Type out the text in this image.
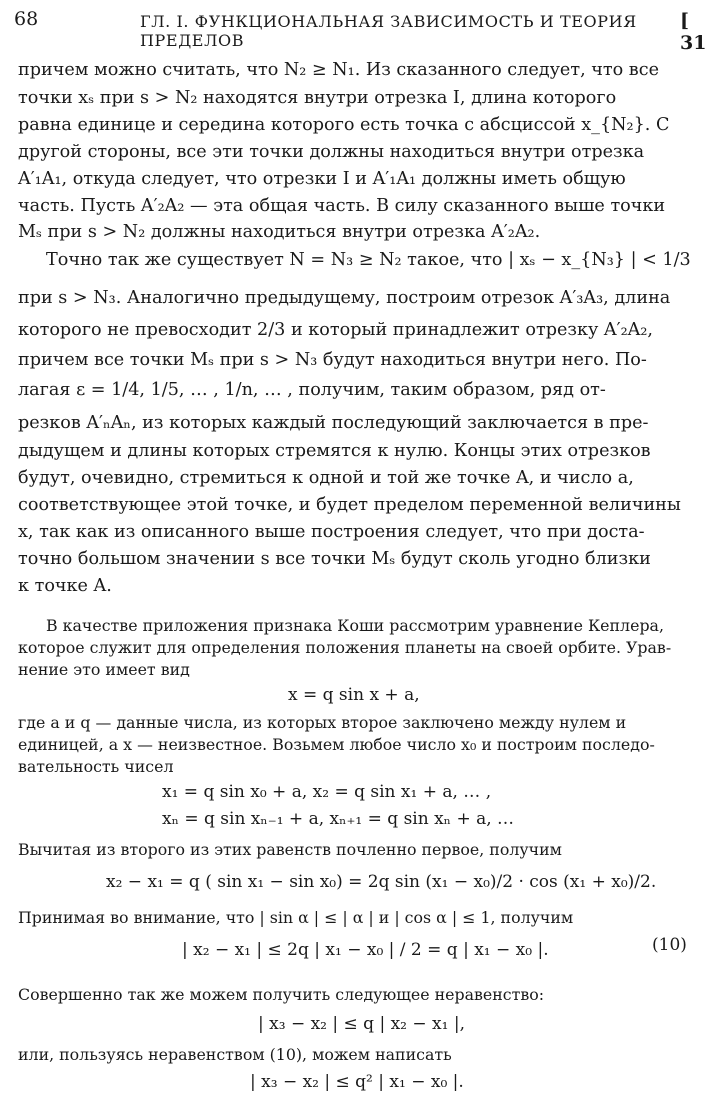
68	ГЛ. I. ФУНКЦИОНАЛЬНАЯ ЗАВИСИМОСТЬ И ТЕОРИЯ ПРЕДЕЛОВ
[ 31
причем можно считать, что N₂ ≥ N₁. Из сказанного следует, что все
точки xₛ при s > N₂ находятся внутри отрезка I, длина которого
равна единице и середина которого есть точка с абсциссой x_{N₂}. С
другой стороны, все эти точки должны находиться внутри отрезка
A′₁A₁, откуда следует, что отрезки I и A′₁A₁ должны иметь общую
часть. Пусть A′₂A₂ — эта общая часть. В силу сказанного выше точки
Mₛ при s > N₂ должны находиться внутри отрезка A′₂A₂.
Точно так же существует N = N₃ ≥ N₂ такое, что | xₛ − x_{N₃} | < 1/3
при s > N₃. Аналогично предыдущему, построим отрезок A′₃A₃, длина
которого не превосходит 2/3 и который принадлежит отрезку A′₂A₂,
причем все точки Mₛ при s > N₃ будут находиться внутри него. По-
лагая ε = 1/4, 1/5, … , 1/n, … , получим, таким образом, ряд от-
резков A′ₙAₙ, из которых каждый последующий заключается в пре-
дыдущем и длины которых стремятся к нулю. Концы этих отрезков
будут, очевидно, стремиться к одной и той же точке A, и число a,
соответствующее этой точке, и будет пределом переменной величины
x, так как из описанного выше построения следует, что при доста-
точно большом значении s все точки Mₛ будут сколь угодно близки
к точке A.
В качестве приложения признака Коши рассмотрим уравнение Кеплера,
которое служит для определения положения планеты на своей орбите. Урав-
нение это имеет вид
x = q sin x + a,
где a и q — данные числа, из которых второе заключено между нулем и
единицей, а x — неизвестное. Возьмем любое число x₀ и построим последо-
вательность чисел
x₁ = q sin x₀ + a, x₂ = q sin x₁ + a, … ,
xₙ = q sin xₙ₋₁ + a, xₙ₊₁ = q sin xₙ + a, …
Вычитая из второго из этих равенств почленно первое, получим
x₂ − x₁ = q ( sin x₁ − sin x₀) = 2q sin (x₁ − x₀)/2 · cos (x₁ + x₀)/2.
Принимая во внимание, что | sin α | ≤ | α | и | cos α | ≤ 1, получим
| x₂ − x₁ | ≤ 2q | x₁ − x₀ | / 2 = q | x₁ − x₀ |.	(10)
Совершенно так же можем получить следующее неравенство:
| x₃ − x₂ | ≤ q | x₂ − x₁ |,
или, пользуясь неравенством (10), можем написать
| x₃ − x₂ | ≤ q² | x₁ − x₀ |.
